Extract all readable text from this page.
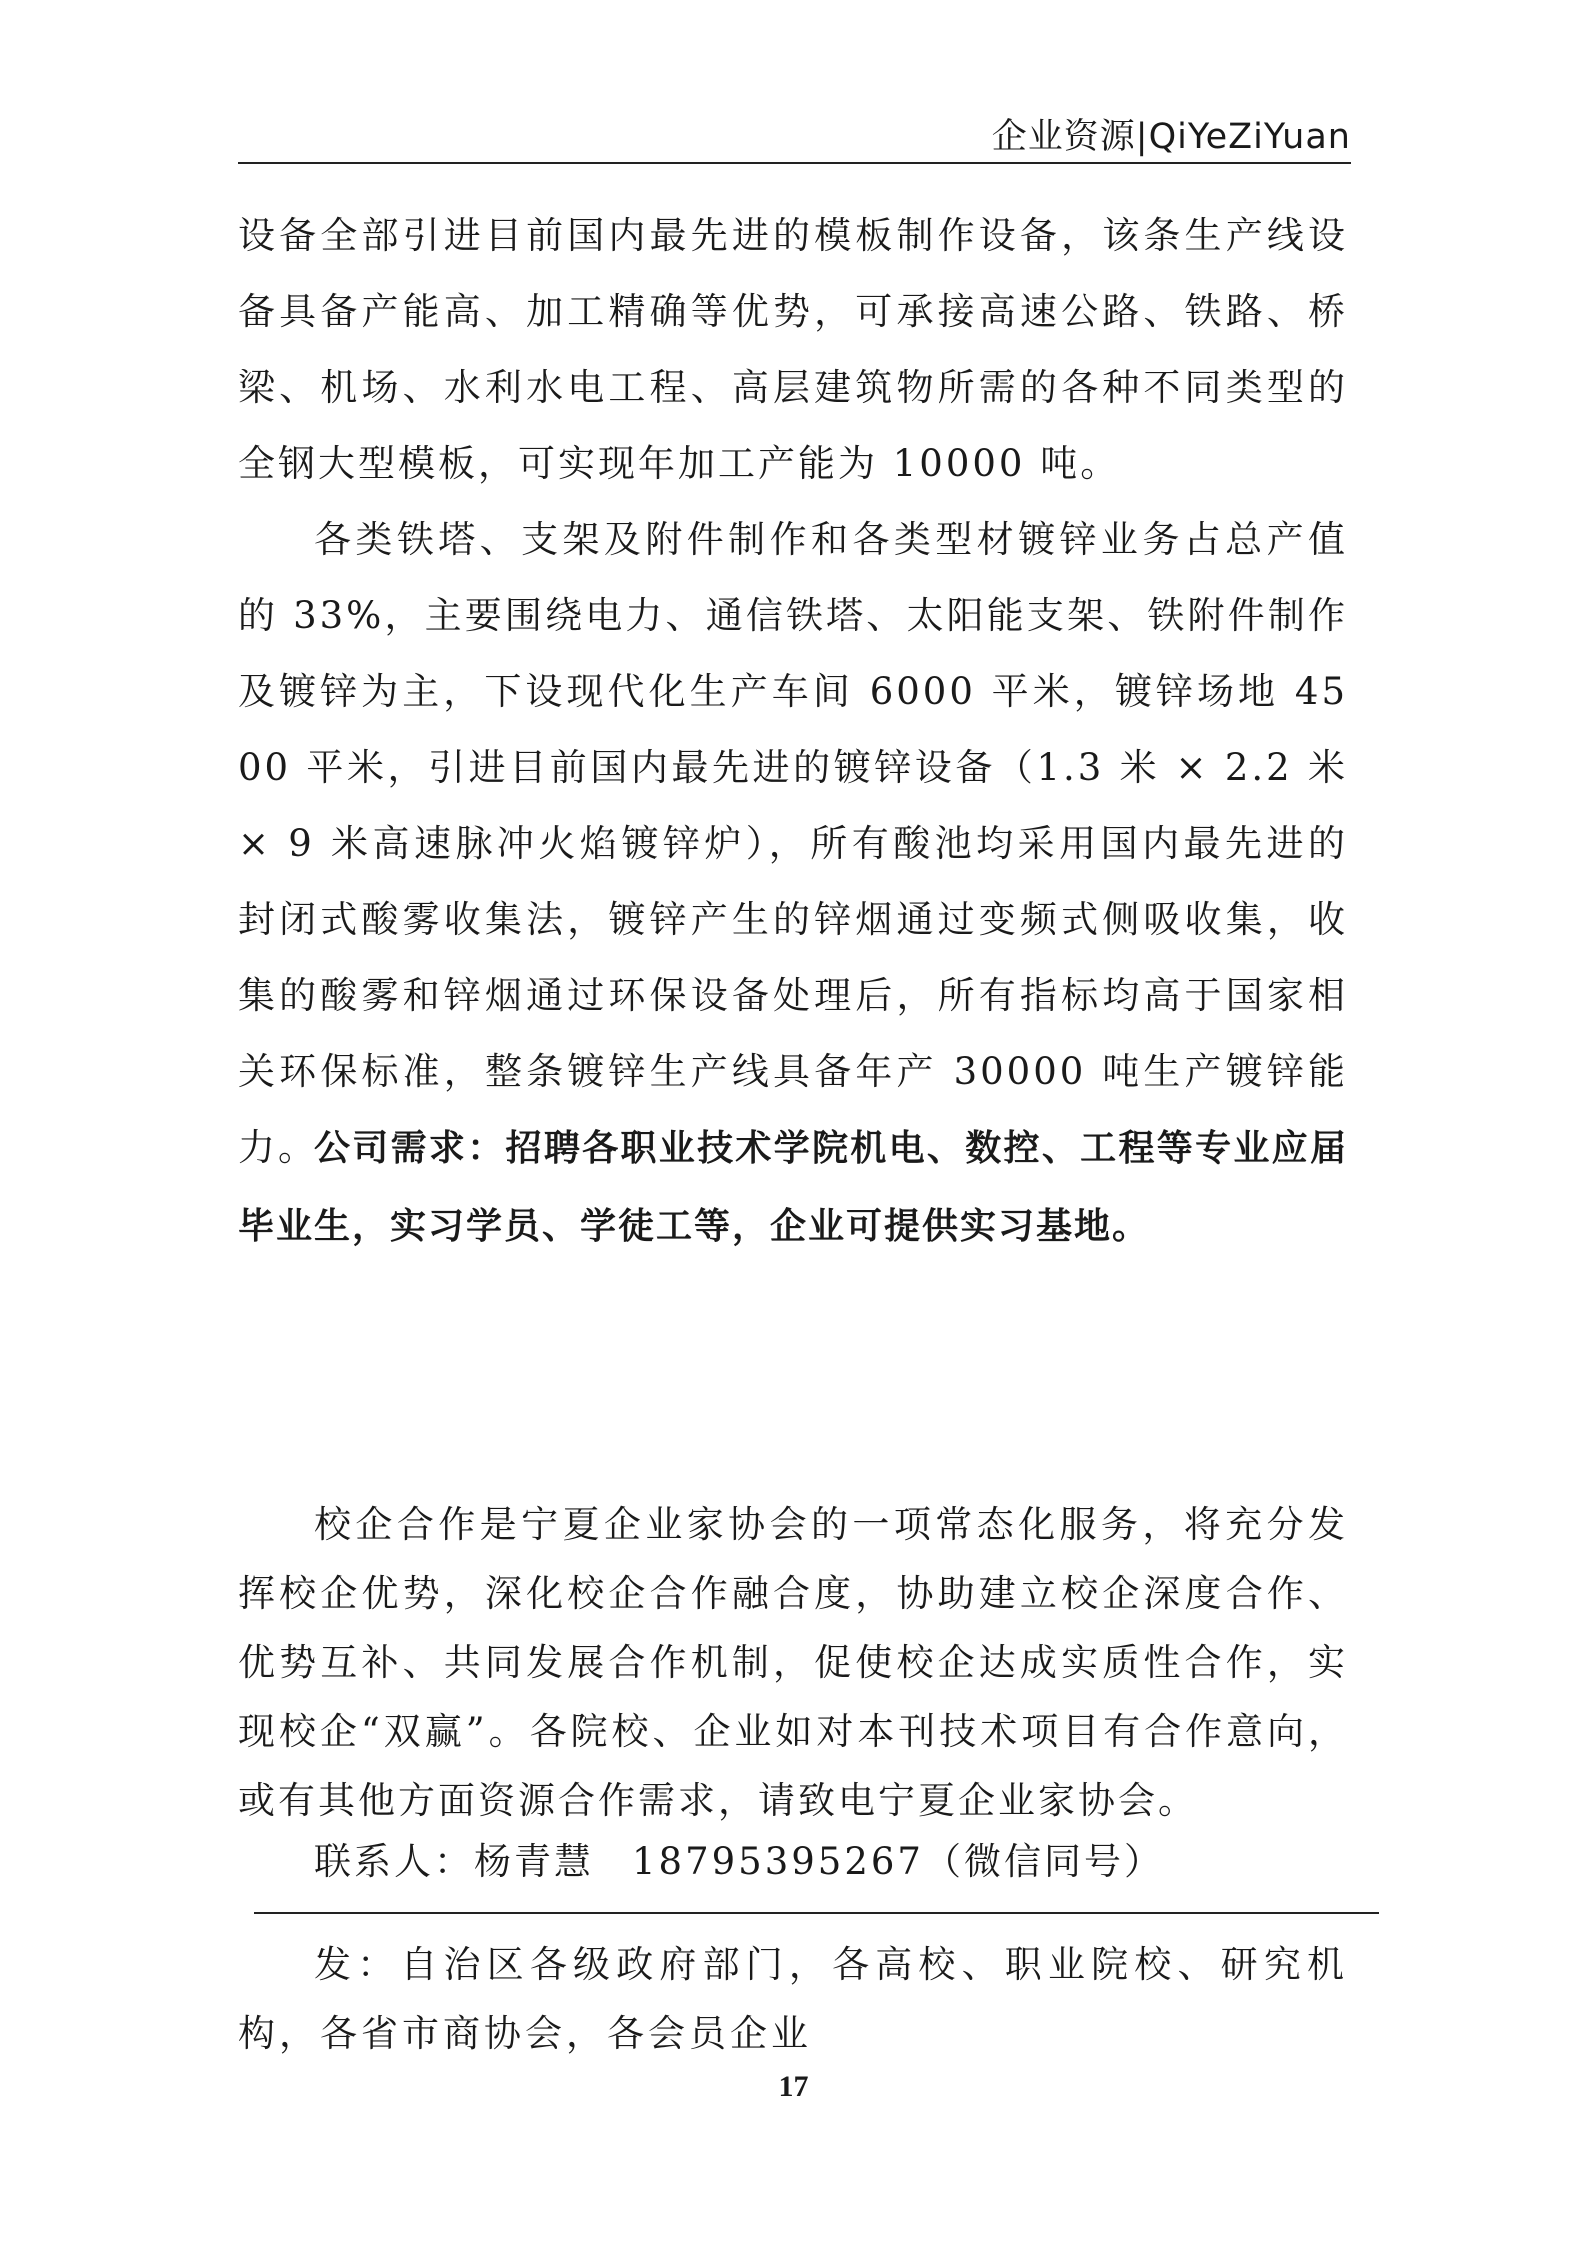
企业资源|QiYeZiYuan

设备全部引进目前国内最先进的模板制作设备，该条生产线设备具备产能高、加工精确等优势，可承接高速公路、铁路、桥梁、机场、水利水电工程、高层建筑物所需的各种不同类型的全钢大型模板，可实现年加工产能为 10000 吨。

各类铁塔、支架及附件制作和各类型材镀锌业务占总产值的 33%，主要围绕电力、通信铁塔、太阳能支架、铁附件制作及镀锌为主，下设现代化生产车间 6000 平米，镀锌场地 4500 平米，引进目前国内最先进的镀锌设备（1.3 米 × 2.2 米 × 9 米高速脉冲火焰镀锌炉），所有酸池均采用国内最先进的封闭式酸雾收集法，镀锌产生的锌烟通过变频式侧吸收集，收集的酸雾和锌烟通过环保设备处理后，所有指标均高于国家相关环保标准，整条镀锌生产线具备年产 30000 吨生产镀锌能力。

公司需求：招聘各职业技术学院机电、数控、工程等专业应届毕业生，实习学员、学徒工等，企业可提供实习基地。

校企合作是宁夏企业家协会的一项常态化服务，将充分发挥校企优势，深化校企合作融合度，协助建立校企深度合作、优势互补、共同发展合作机制，促使校企达成实质性合作，实现校企“双赢”。各院校、企业如对本刊技术项目有合作意向，或有其他方面资源合作需求，请致电宁夏企业家协会。

联系人：杨青慧 18795395267（微信同号）

发：自治区各级政府部门，各高校、职业院校、研究机构，各省市商协会，各会员企业

17
